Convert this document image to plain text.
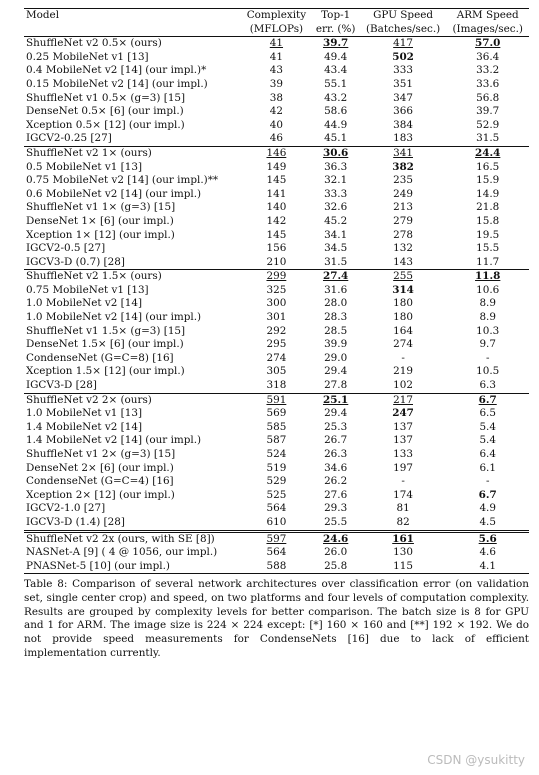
Model	Complexity	Top-1	GPU Speed	ARM Speed
	(MFLOPs)	err. (%)	(Batches/sec.)	(Images/sec.)
ShuffleNet v2 0.5× (ours)	41	39.7	417	57.0
0.25 MobileNet v1 [13]	41	49.4	502	36.4
0.4 MobileNet v2 [14] (our impl.)*	43	43.4	333	33.2
0.15 MobileNet v2 [14] (our impl.)	39	55.1	351	33.6
ShuffleNet v1 0.5× (g=3) [15]	38	43.2	347	56.8
DenseNet 0.5× [6] (our impl.)	42	58.6	366	39.7
Xception 0.5× [12] (our impl.)	40	44.9	384	52.9
IGCV2-0.25 [27]	46	45.1	183	31.5
ShuffleNet v2 1× (ours)	146	30.6	341	24.4
0.5 MobileNet v1 [13]	149	36.3	382	16.5
0.75 MobileNet v2 [14] (our impl.)**	145	32.1	235	15.9
0.6 MobileNet v2 [14] (our impl.)	141	33.3	249	14.9
ShuffleNet v1 1× (g=3) [15]	140	32.6	213	21.8
DenseNet 1× [6] (our impl.)	142	45.2	279	15.8
Xception 1× [12] (our impl.)	145	34.1	278	19.5
IGCV2-0.5 [27]	156	34.5	132	15.5
IGCV3-D (0.7) [28]	210	31.5	143	11.7
ShuffleNet v2 1.5× (ours)	299	27.4	255	11.8
0.75 MobileNet v1 [13]	325	31.6	314	10.6
1.0 MobileNet v2 [14]	300	28.0	180	8.9
1.0 MobileNet v2 [14] (our impl.)	301	28.3	180	8.9
ShuffleNet v1 1.5× (g=3) [15]	292	28.5	164	10.3
DenseNet 1.5× [6] (our impl.)	295	39.9	274	9.7
CondenseNet (G=C=8) [16]	274	29.0	-	-
Xception 1.5× [12] (our impl.)	305	29.4	219	10.5
IGCV3-D [28]	318	27.8	102	6.3
ShuffleNet v2 2× (ours)	591	25.1	217	6.7
1.0 MobileNet v1 [13]	569	29.4	247	6.5
1.4 MobileNet v2 [14]	585	25.3	137	5.4
1.4 MobileNet v2 [14] (our impl.)	587	26.7	137	5.4
ShuffleNet v1 2× (g=3) [15]	524	26.3	133	6.4
DenseNet 2× [6] (our impl.)	519	34.6	197	6.1
CondenseNet (G=C=4) [16]	529	26.2	-	-
Xception 2× [12] (our impl.)	525	27.6	174	6.7
IGCV2-1.0 [27]	564	29.3	81	4.9
IGCV3-D (1.4) [28]	610	25.5	82	4.5
ShuffleNet v2 2x (ours, with SE [8])	597	24.6	161	5.6
NASNet-A [9] ( 4 @ 1056, our impl.)	564	26.0	130	4.6
PNASNet-5 [10] (our impl.)	588	25.8	115	4.1
Table 8: Comparison of several network architectures over classification error (on validation set, single center crop) and speed, on two platforms and four levels of computation complexity. Results are grouped by complexity levels for better comparison. The batch size is 8 for GPU and 1 for ARM. The image size is 224 × 224 except: [*] 160 × 160 and [**] 192 × 192. We do not provide speed measurements for CondenseNets [16] due to lack of efficient implementation currently.
CSDN @ysukitty
